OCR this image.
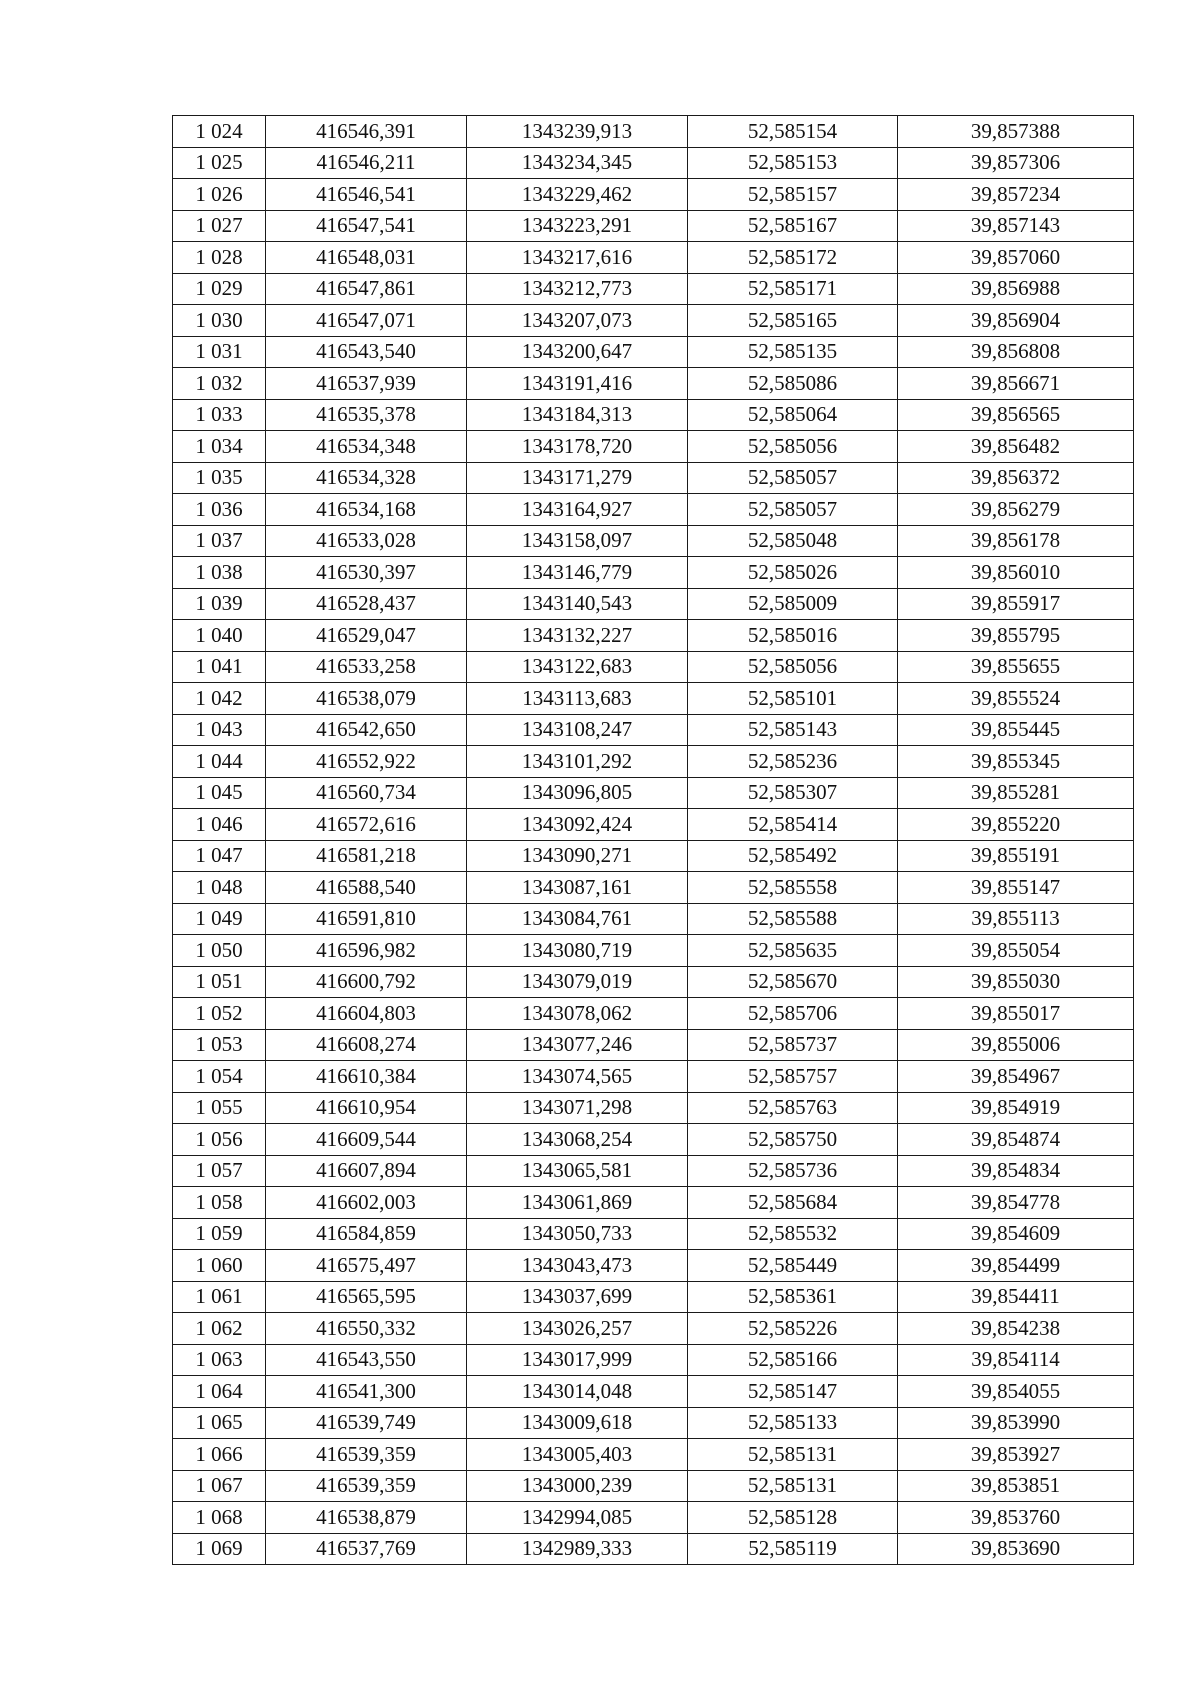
1 024	416546,391	1343239,913	52,585154	39,857388
1 025	416546,211	1343234,345	52,585153	39,857306
1 026	416546,541	1343229,462	52,585157	39,857234
1 027	416547,541	1343223,291	52,585167	39,857143
1 028	416548,031	1343217,616	52,585172	39,857060
1 029	416547,861	1343212,773	52,585171	39,856988
1 030	416547,071	1343207,073	52,585165	39,856904
1 031	416543,540	1343200,647	52,585135	39,856808
1 032	416537,939	1343191,416	52,585086	39,856671
1 033	416535,378	1343184,313	52,585064	39,856565
1 034	416534,348	1343178,720	52,585056	39,856482
1 035	416534,328	1343171,279	52,585057	39,856372
1 036	416534,168	1343164,927	52,585057	39,856279
1 037	416533,028	1343158,097	52,585048	39,856178
1 038	416530,397	1343146,779	52,585026	39,856010
1 039	416528,437	1343140,543	52,585009	39,855917
1 040	416529,047	1343132,227	52,585016	39,855795
1 041	416533,258	1343122,683	52,585056	39,855655
1 042	416538,079	1343113,683	52,585101	39,855524
1 043	416542,650	1343108,247	52,585143	39,855445
1 044	416552,922	1343101,292	52,585236	39,855345
1 045	416560,734	1343096,805	52,585307	39,855281
1 046	416572,616	1343092,424	52,585414	39,855220
1 047	416581,218	1343090,271	52,585492	39,855191
1 048	416588,540	1343087,161	52,585558	39,855147
1 049	416591,810	1343084,761	52,585588	39,855113
1 050	416596,982	1343080,719	52,585635	39,855054
1 051	416600,792	1343079,019	52,585670	39,855030
1 052	416604,803	1343078,062	52,585706	39,855017
1 053	416608,274	1343077,246	52,585737	39,855006
1 054	416610,384	1343074,565	52,585757	39,854967
1 055	416610,954	1343071,298	52,585763	39,854919
1 056	416609,544	1343068,254	52,585750	39,854874
1 057	416607,894	1343065,581	52,585736	39,854834
1 058	416602,003	1343061,869	52,585684	39,854778
1 059	416584,859	1343050,733	52,585532	39,854609
1 060	416575,497	1343043,473	52,585449	39,854499
1 061	416565,595	1343037,699	52,585361	39,854411
1 062	416550,332	1343026,257	52,585226	39,854238
1 063	416543,550	1343017,999	52,585166	39,854114
1 064	416541,300	1343014,048	52,585147	39,854055
1 065	416539,749	1343009,618	52,585133	39,853990
1 066	416539,359	1343005,403	52,585131	39,853927
1 067	416539,359	1343000,239	52,585131	39,853851
1 068	416538,879	1342994,085	52,585128	39,853760
1 069	416537,769	1342989,333	52,585119	39,853690
